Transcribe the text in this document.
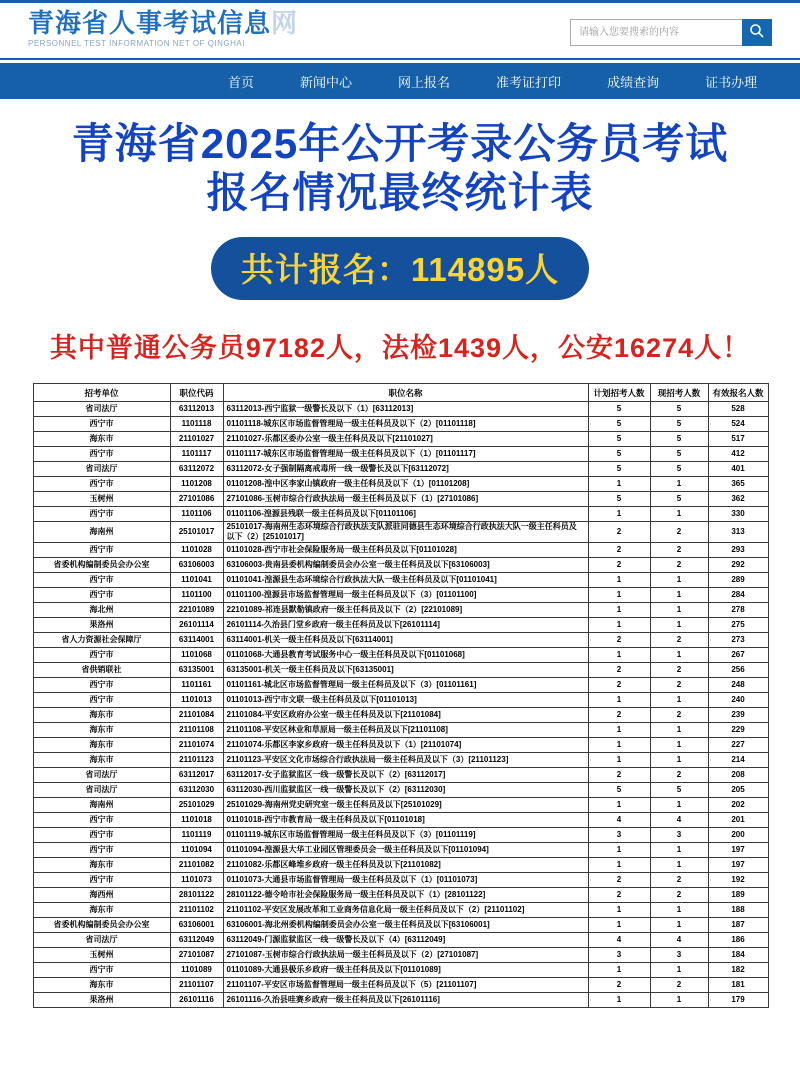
青海省人事考试信息网
PERSONNEL TEST INFORMATION NET OF QINGHAI
请输入您要搜索的内容
首页	新闻中心	网上报名	准考证打印	成绩查询	证书办理
青海省2025年公开考录公务员考试
报名情况最终统计表
共计报名：114895人
其中普通公务员97182人，法检1439人，公安16274人！
招考单位	职位代码	职位名称	计划招考人数	现招考人数	有效报名人数
省司法厅	63112013	63112013-西宁监狱一级警长及以下（1）[63112013]	5	5	528
西宁市	1101118	01101118-城东区市场监督管理局一级主任科员及以下（2）[01101118]	5	5	524
海东市	21101027	21101027-乐都区委办公室一级主任科员及以下[21101027]	5	5	517
西宁市	1101117	01101117-城东区市场监督管理局一级主任科员及以下（1）[01101117]	5	5	412
省司法厅	63112072	63112072-女子强制隔离戒毒所一线一级警长及以下[63112072]	5	5	401
西宁市	1101208	01101208-湟中区李家山镇政府一级主任科员及以下（1）[01101208]	1	1	365
玉树州	27101086	27101086-玉树市综合行政执法局一级主任科员及以下（1）[27101086]	5	5	362
西宁市	1101106	01101106-湟源县残联一级主任科员及以下[01101106]	1	1	330
海南州	25101017	25101017-海南州生态环境综合行政执法支队派驻同德县生态环境综合行政执法大队一级主任科员及以下（2）[25101017]	2	2	313
西宁市	1101028	01101028-西宁市社会保险服务局一级主任科员及以下[01101028]	2	2	293
省委机构编制委员会办公室	63106003	63106003-贵南县委机构编制委员会办公室一级主任科员及以下[63106003]	2	2	292
西宁市	1101041	01101041-湟源县生态环境综合行政执法大队一级主任科员及以下[01101041]	1	1	289
西宁市	1101100	01101100-湟源县市场监督管理局一级主任科员及以下（3）[01101100]	1	1	284
海北州	22101089	22101089-祁连县默勒镇政府一级主任科员及以下（2）[22101089]	1	1	278
果洛州	26101114	26101114-久治县门堂乡政府一级主任科员及以下[26101114]	1	1	275
省人力资源社会保障厅	63114001	63114001-机关一级主任科员及以下[63114001]	2	2	273
西宁市	1101068	01101068-大通县教育考试服务中心一级主任科员及以下[01101068]	1	1	267
省供销联社	63135001	63135001-机关一级主任科员及以下[63135001]	2	2	256
西宁市	1101161	01101161-城北区市场监督管理局一级主任科员及以下（3）[01101161]	2	2	248
西宁市	1101013	01101013-西宁市文联一级主任科员及以下[01101013]	1	1	240
海东市	21101084	21101084-平安区政府办公室一级主任科员及以下[21101084]	2	2	239
海东市	21101108	21101108-平安区林业和草原局一级主任科员及以下[21101108]	1	1	229
海东市	21101074	21101074-乐都区李家乡政府一级主任科员及以下（1）[21101074]	1	1	227
海东市	21101123	21101123-平安区文化市场综合行政执法局一级主任科员及以下（3）[21101123]	1	1	214
省司法厅	63112017	63112017-女子监狱监区一线一级警长及以下（2）[63112017]	2	2	208
省司法厅	63112030	63112030-西川监狱监区一线一级警长及以下（2）[63112030]	5	5	205
海南州	25101029	25101029-海南州党史研究室一级主任科员及以下[25101029]	1	1	202
西宁市	1101018	01101018-西宁市教育局一级主任科员及以下[01101018]	4	4	201
西宁市	1101119	01101119-城东区市场监督管理局一级主任科员及以下（3）[01101119]	3	3	200
西宁市	1101094	01101094-湟源县大华工业园区管理委员会一级主任科员及以下[01101094]	1	1	197
海东市	21101082	21101082-乐都区峰堆乡政府一级主任科员及以下[21101082]	1	1	197
西宁市	1101073	01101073-大通县市场监督管理局一级主任科员及以下（1）[01101073]	2	2	192
海西州	28101122	28101122-德令哈市社会保险服务局一级主任科员及以下（1）[28101122]	2	2	189
海东市	21101102	21101102-平安区发展改革和工业商务信息化局一级主任科员及以下（2）[21101102]	1	1	188
省委机构编制委员会办公室	63106001	63106001-海北州委机构编制委员会办公室一级主任科员及以下[63106001]	1	1	187
省司法厅	63112049	63112049-门源监狱监区一线一级警长及以下（4）[63112049]	4	4	186
玉树州	27101087	27101087-玉树市综合行政执法局一级主任科员及以下（2）[27101087]	3	3	184
西宁市	1101089	01101089-大通县极乐乡政府一级主任科员及以下[01101089]	1	1	182
海东市	21101107	21101107-平安区市场监督管理局一级主任科员及以下（5）[21101107]	2	2	181
果洛州	26101116	26101116-久治县哇赛乡政府一级主任科员及以下[26101116]	1	1	179
